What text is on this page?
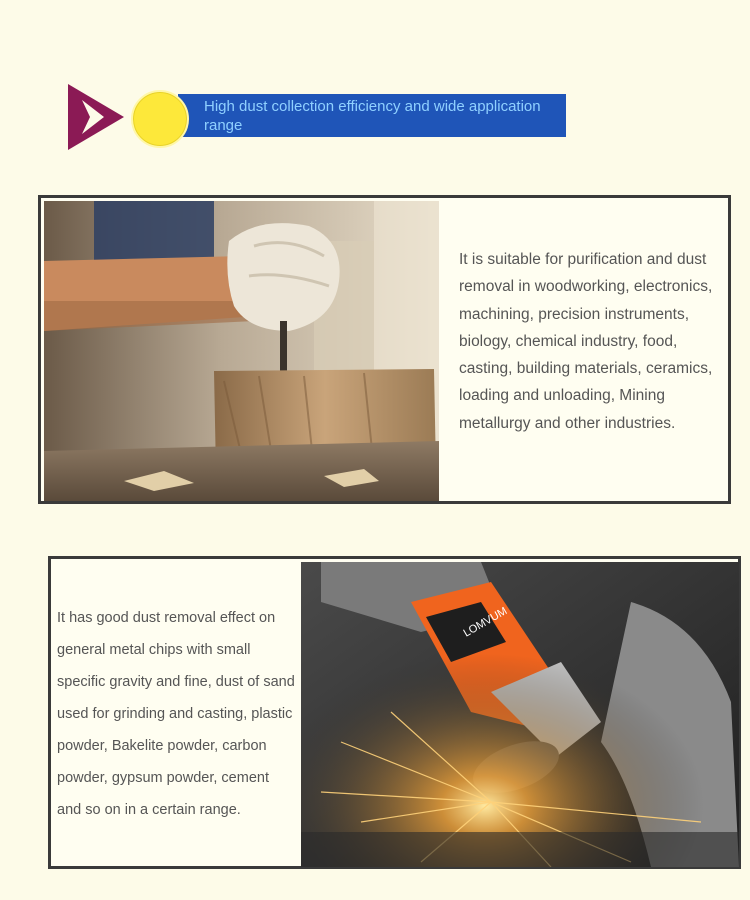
High dust collection efficiency and wide application range
It is suitable for purification and dust removal in woodworking, electronics, machining, precision instruments, biology, chemical industry, food, casting, building materials, ceramics, loading and unloading, Mining metallurgy and other industries.
It has good dust removal effect on general metal chips with small specific gravity and fine, dust of sand used for grinding and casting, plastic powder, Bakelite powder, carbon powder, gypsum powder, cement and so on in a certain range.
